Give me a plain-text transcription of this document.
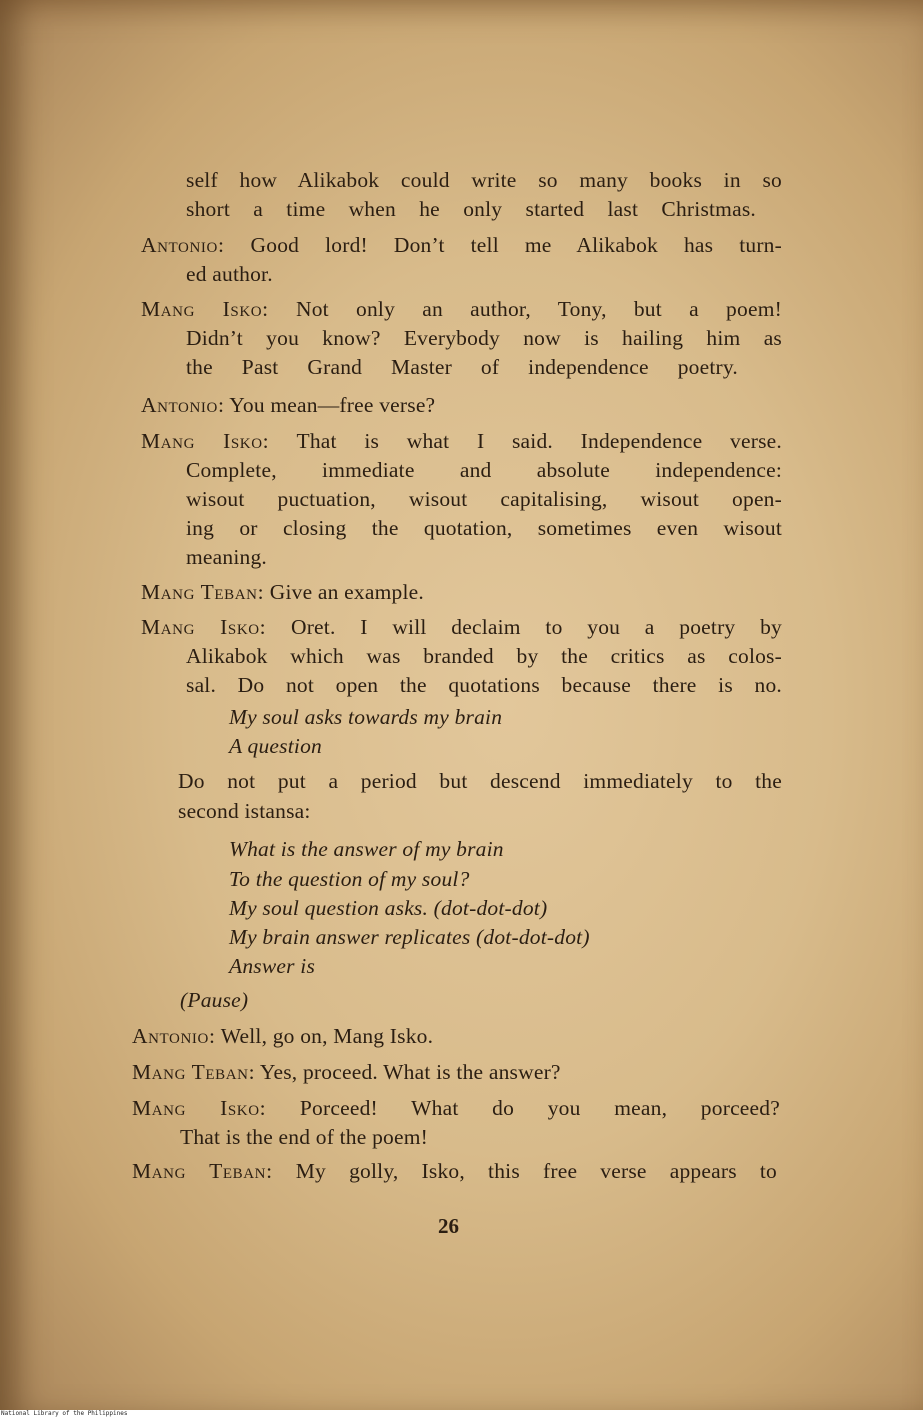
self how Alikabok could write so many books in so
short a time when he only started last Christmas.
Antonio: Good lord! Don’t tell me Alikabok has turn-
ed author.
Mang Isko: Not only an author, Tony, but a poem!
Didn’t you know? Everybody now is hailing him as
the Past Grand Master of independence poetry.
Antonio: You mean—free verse?
Mang Isko: That is what I said. Independence verse.
Complete, immediate and absolute independence:
wisout puctuation, wisout capitalising, wisout open-
ing or closing the quotation, sometimes even wisout
meaning.
Mang Teban: Give an example.
Mang Isko: Oret. I will declaim to you a poetry by
Alikabok which was branded by the critics as colos-
sal. Do not open the quotations because there is no.
My soul asks towards my brain
A question
Do not put a period but descend immediately to the
second istansa:
What is the answer of my brain
To the question of my soul?
My soul question asks. (dot-dot-dot)
My brain answer replicates (dot-dot-dot)
Answer is
(Pause)
Antonio: Well, go on, Mang Isko.
Mang Teban: Yes, proceed. What is the answer?
Mang Isko: Porceed! What do you mean, porceed?
That is the end of the poem!
Mang Teban: My golly, Isko, this free verse appears to
26
National Library of the Philippines
